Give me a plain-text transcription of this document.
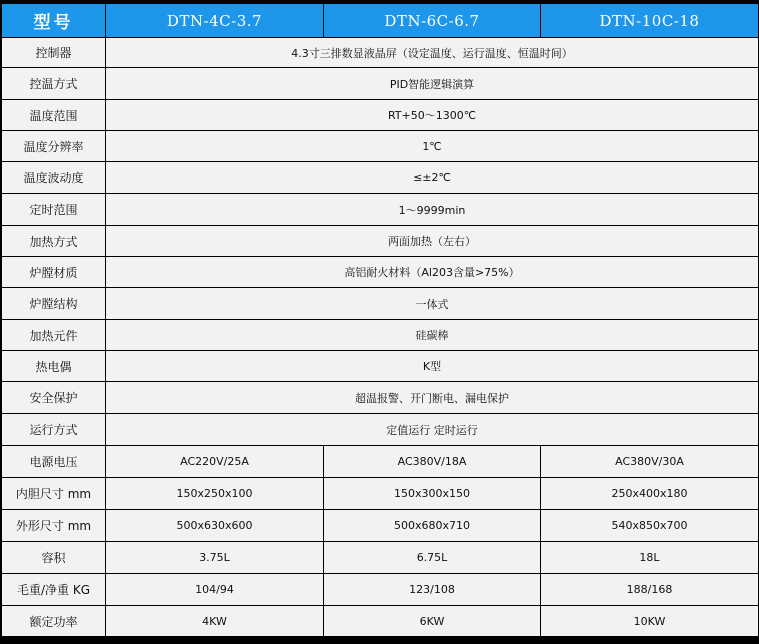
型号	DTN-4C-3.7	DTN-6C-6.7	DTN-10C-18
控制器	4.3寸三排数显液晶屏（设定温度、运行温度、恒温时间）		
控温方式	PID智能逻辑演算		
温度范围	RT+50～1300℃		
温度分辨率	1℃		
温度波动度	≤±2℃		
定时范围	1～9999min		
加热方式	两面加热（左右）		
炉膛材质	高铝耐火材料（Al203含量>75%）		
炉膛结构	一体式		
加热元件	硅碳棒		
热电偶	K型		
安全保护	超温报警、开门断电、漏电保护		
运行方式	定值运行 定时运行		
电源电压	AC220V/25A	AC380V/18A	AC380V/30A
内胆尺寸 mm	150x250x100	150x300x150	250x400x180
外形尺寸 mm	500x630x600	500x680x710	540x850x700
容积	3.75L	6.75L	18L
毛重/净重 KG	104/94	123/108	188/168
额定功率	4KW	6KW	10KW
